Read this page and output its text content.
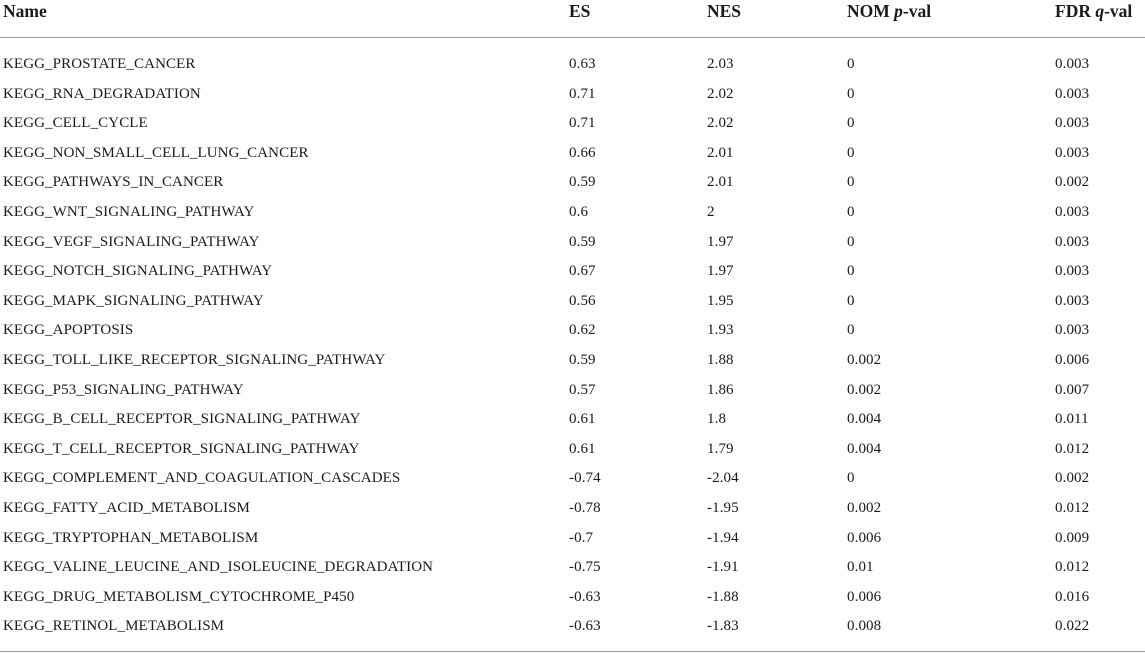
Name	ES	NES	NOM p-val	FDR q-val

KEGG_PROSTATE_CANCER	0.63	2.03	0	0.003
KEGG_RNA_DEGRADATION	0.71	2.02	0	0.003
KEGG_CELL_CYCLE	0.71	2.02	0	0.003
KEGG_NON_SMALL_CELL_LUNG_CANCER	0.66	2.01	0	0.003
KEGG_PATHWAYS_IN_CANCER	0.59	2.01	0	0.002
KEGG_WNT_SIGNALING_PATHWAY	0.6	2	0	0.003
KEGG_VEGF_SIGNALING_PATHWAY	0.59	1.97	0	0.003
KEGG_NOTCH_SIGNALING_PATHWAY	0.67	1.97	0	0.003
KEGG_MAPK_SIGNALING_PATHWAY	0.56	1.95	0	0.003
KEGG_APOPTOSIS	0.62	1.93	0	0.003
KEGG_TOLL_LIKE_RECEPTOR_SIGNALING_PATHWAY	0.59	1.88	0.002	0.006
KEGG_P53_SIGNALING_PATHWAY	0.57	1.86	0.002	0.007
KEGG_B_CELL_RECEPTOR_SIGNALING_PATHWAY	0.61	1.8	0.004	0.011
KEGG_T_CELL_RECEPTOR_SIGNALING_PATHWAY	0.61	1.79	0.004	0.012
KEGG_COMPLEMENT_AND_COAGULATION_CASCADES	-0.74	-2.04	0	0.002
KEGG_FATTY_ACID_METABOLISM	-0.78	-1.95	0.002	0.012
KEGG_TRYPTOPHAN_METABOLISM	-0.7	-1.94	0.006	0.009
KEGG_VALINE_LEUCINE_AND_ISOLEUCINE_DEGRADATION	-0.75	-1.91	0.01	0.012
KEGG_DRUG_METABOLISM_CYTOCHROME_P450	-0.63	-1.88	0.006	0.016
KEGG_RETINOL_METABOLISM	-0.63	-1.83	0.008	0.022
